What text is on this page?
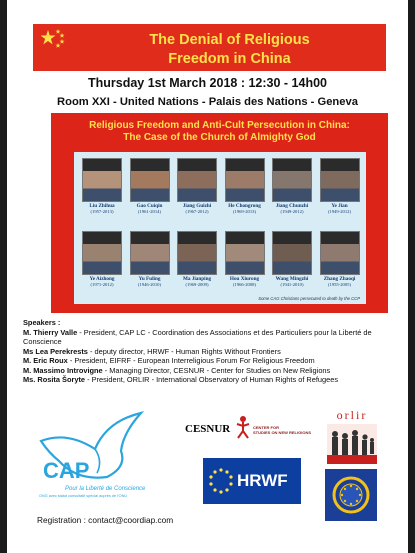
The Denial of Religious
Freedom in China
Thursday 1st March 2018 : 12:30 - 14h00
Room XXI - United Nations - Palais des Nations - Geneva
Religious Freedom and Anti-Cult Persecution in China:
The Case of the Church of Almighty God
Liu Zhihua
(1957-2013)
Gao Cuiqin
(1961-2014)
Jiang Guizhi
(1967-2012)
He Chongrong
(1969-2013)
Jiang Chunzhi
(1949-2012)
Ye Jian
(1949-2012)
Ye Aizhong
(1971-2012)
Yu Fuling
(1946-2010)
Ma Jianping
(1969-2009)
Hou Xiurong
(1966-2008)
Wang Mingzhi
(1941-2010)
Zhang Zhaoqi
(1955-2005)
Some CAG Christians persecuted to death by the CCP
Speakers :
M. Thierry Valle - President, CAP LC - Coordination des Associations et des Particuliers pour la Liberté de Conscience
Ms Lea Perekrests - deputy director, HRWF - Human Rights Without Frontiers
M. Eric Roux - President, EIFRF - European Interreligious Forum For Religious Freedom
M. Massimo Introvigne - Managing Director, CESNUR - Center for Studies on New Religions
Ms. Rosita Šoryte - President, ORLIR - International Observatory of Human Rights of Refugees
CAP
Pour la Liberté de Conscience
ONG avec statut consultatif spécial auprès de l'ONU
CESNUR	CENTER FOR
STUDIES ON NEW RELIGIONS
orlir
HRWF
Registration : contact@coordiap.com
